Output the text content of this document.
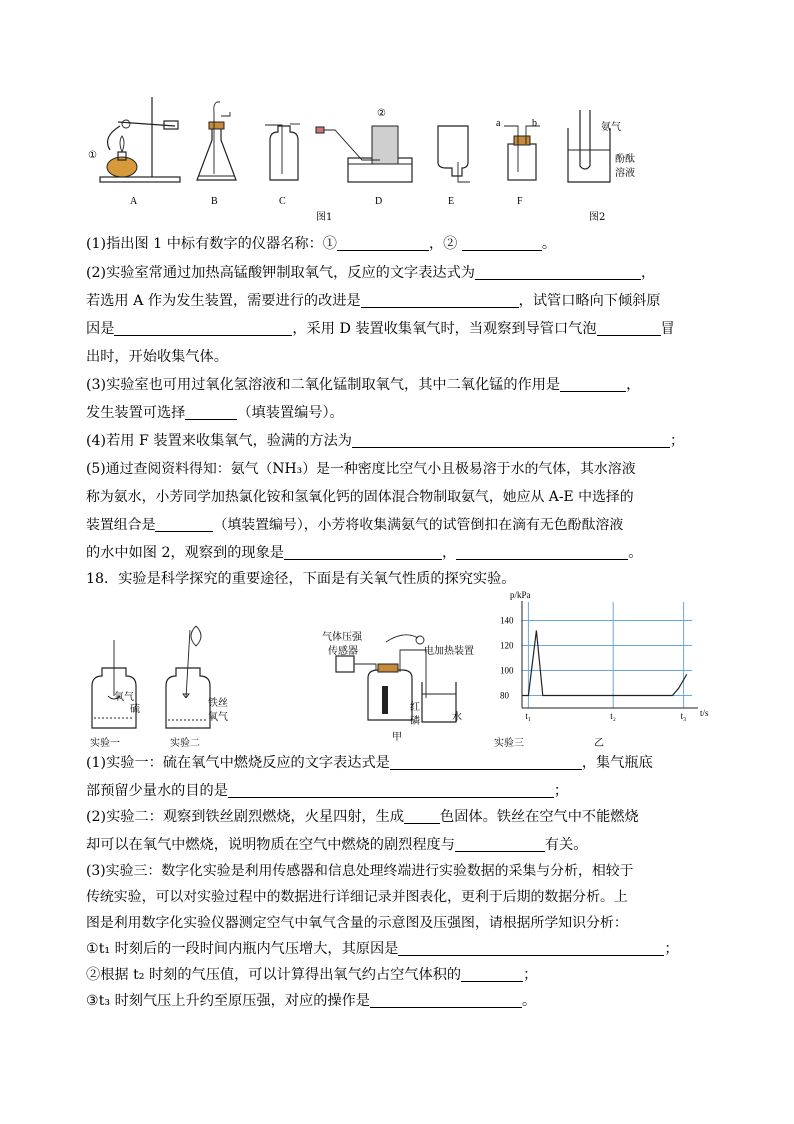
①
②
a	b
A	B	C	D	E	F
图1	图2
氨气
酚酞
溶液
(1)指出图 1 中标有数字的仪器名称：①	，②	。
(2)实验室常通过加热高锰酸钾制取氧气，反应的文字表达式为	，
若选用 A 作为发生装置，需要进行的改进是	，试管口略向下倾斜原
因是	，采用 D 装置收集氧气时，当观察到导管口气泡	冒
出时，开始收集气体。
(3)实验室也可用过氧化氢溶液和二氧化锰制取氧气，其中二氧化锰的作用是	，
发生装置可选择	（填装置编号）。
(4)若用 F 装置来收集氧气，验满的方法为	；
(5)通过查阅资料得知：氨气（NH₃）是一种密度比空气小且极易溶于水的气体，其水溶液
称为氨水，小芳同学加热氯化铵和氢氧化钙的固体混合物制取氨气，她应从 A-E 中选择的
装置组合是	（填装置编号），小芳将收集满氨气的试管倒扣在滴有无色酚酞溶液
的水中如图 2，观察到的现象是	，	。
18．实验是科学探究的重要途径，下面是有关氧气性质的探究实验。
氧气
硫
铁丝
氧气
实验一	实验二
气体压强
传感器	电加热装置
红
磷	水
甲
实验三	乙
p/kPa
t/s
140
120
100
80
t₁	t₂	t₃
(1)实验一：硫在氧气中燃烧反应的文字表达式是	，集气瓶底
部预留少量水的目的是	；
(2)实验二：观察到铁丝剧烈燃烧，火星四射，生成	色固体。铁丝在空气中不能燃烧
却可以在氧气中燃烧，说明物质在空气中燃烧的剧烈程度与	有关。
(3)实验三：数字化实验是利用传感器和信息处理终端进行实验数据的采集与分析，相较于
传统实验，可以对实验过程中的数据进行详细记录并图表化，更利于后期的数据分析。上
图是利用数字化实验仪器测定空气中氧气含量的示意图及压强图，请根据所学知识分析：
①t₁ 时刻后的一段时间内瓶内气压增大，其原因是	；
②根据 t₂ 时刻的气压值，可以计算得出氧气约占空气体积的	；
③t₃ 时刻气压上升约至原压强，对应的操作是	。
